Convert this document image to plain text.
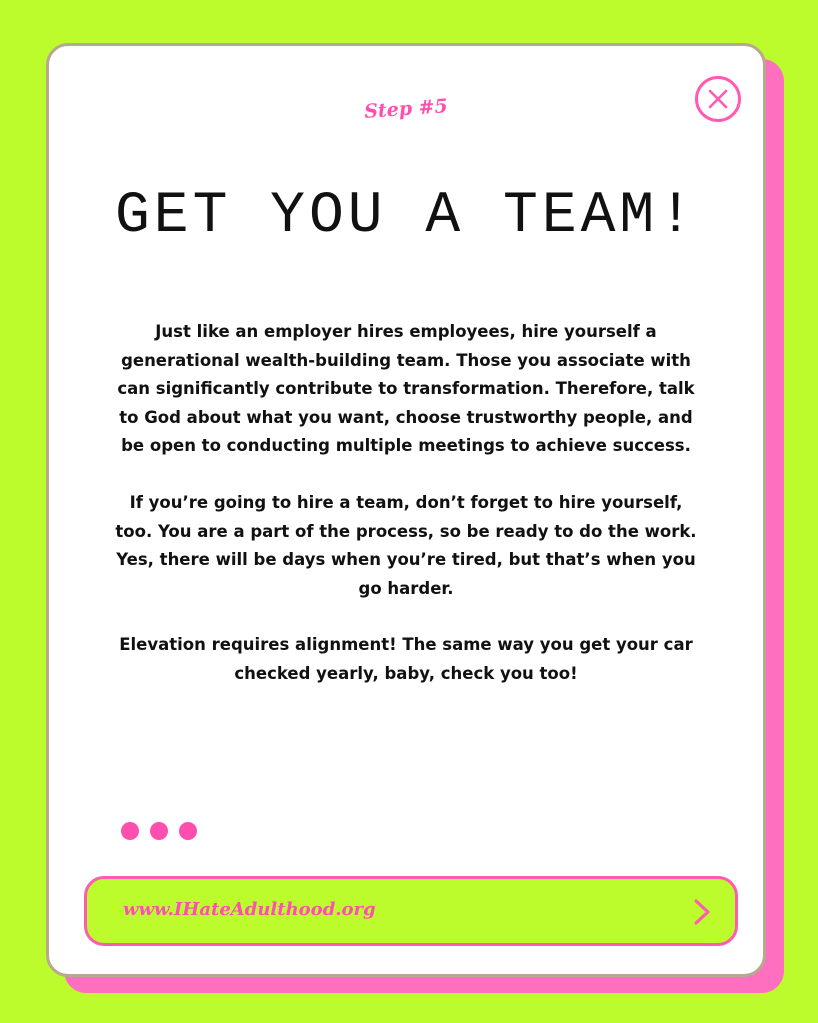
Step #5
GET YOU A TEAM!

Just like an employer hires employees, hire yourself a generational wealth-building team. Those you associate with can significantly contribute to transformation. Therefore, talk to God about what you want, choose trustworthy people, and be open to conducting multiple meetings to achieve success.

If you’re going to hire a team, don’t forget to hire yourself, too. You are a part of the process, so be ready to do the work. Yes, there will be days when you’re tired, but that’s when you go harder.

Elevation requires alignment! The same way you get your car checked yearly, baby, check you too!

www.IHateAdulthood.org
